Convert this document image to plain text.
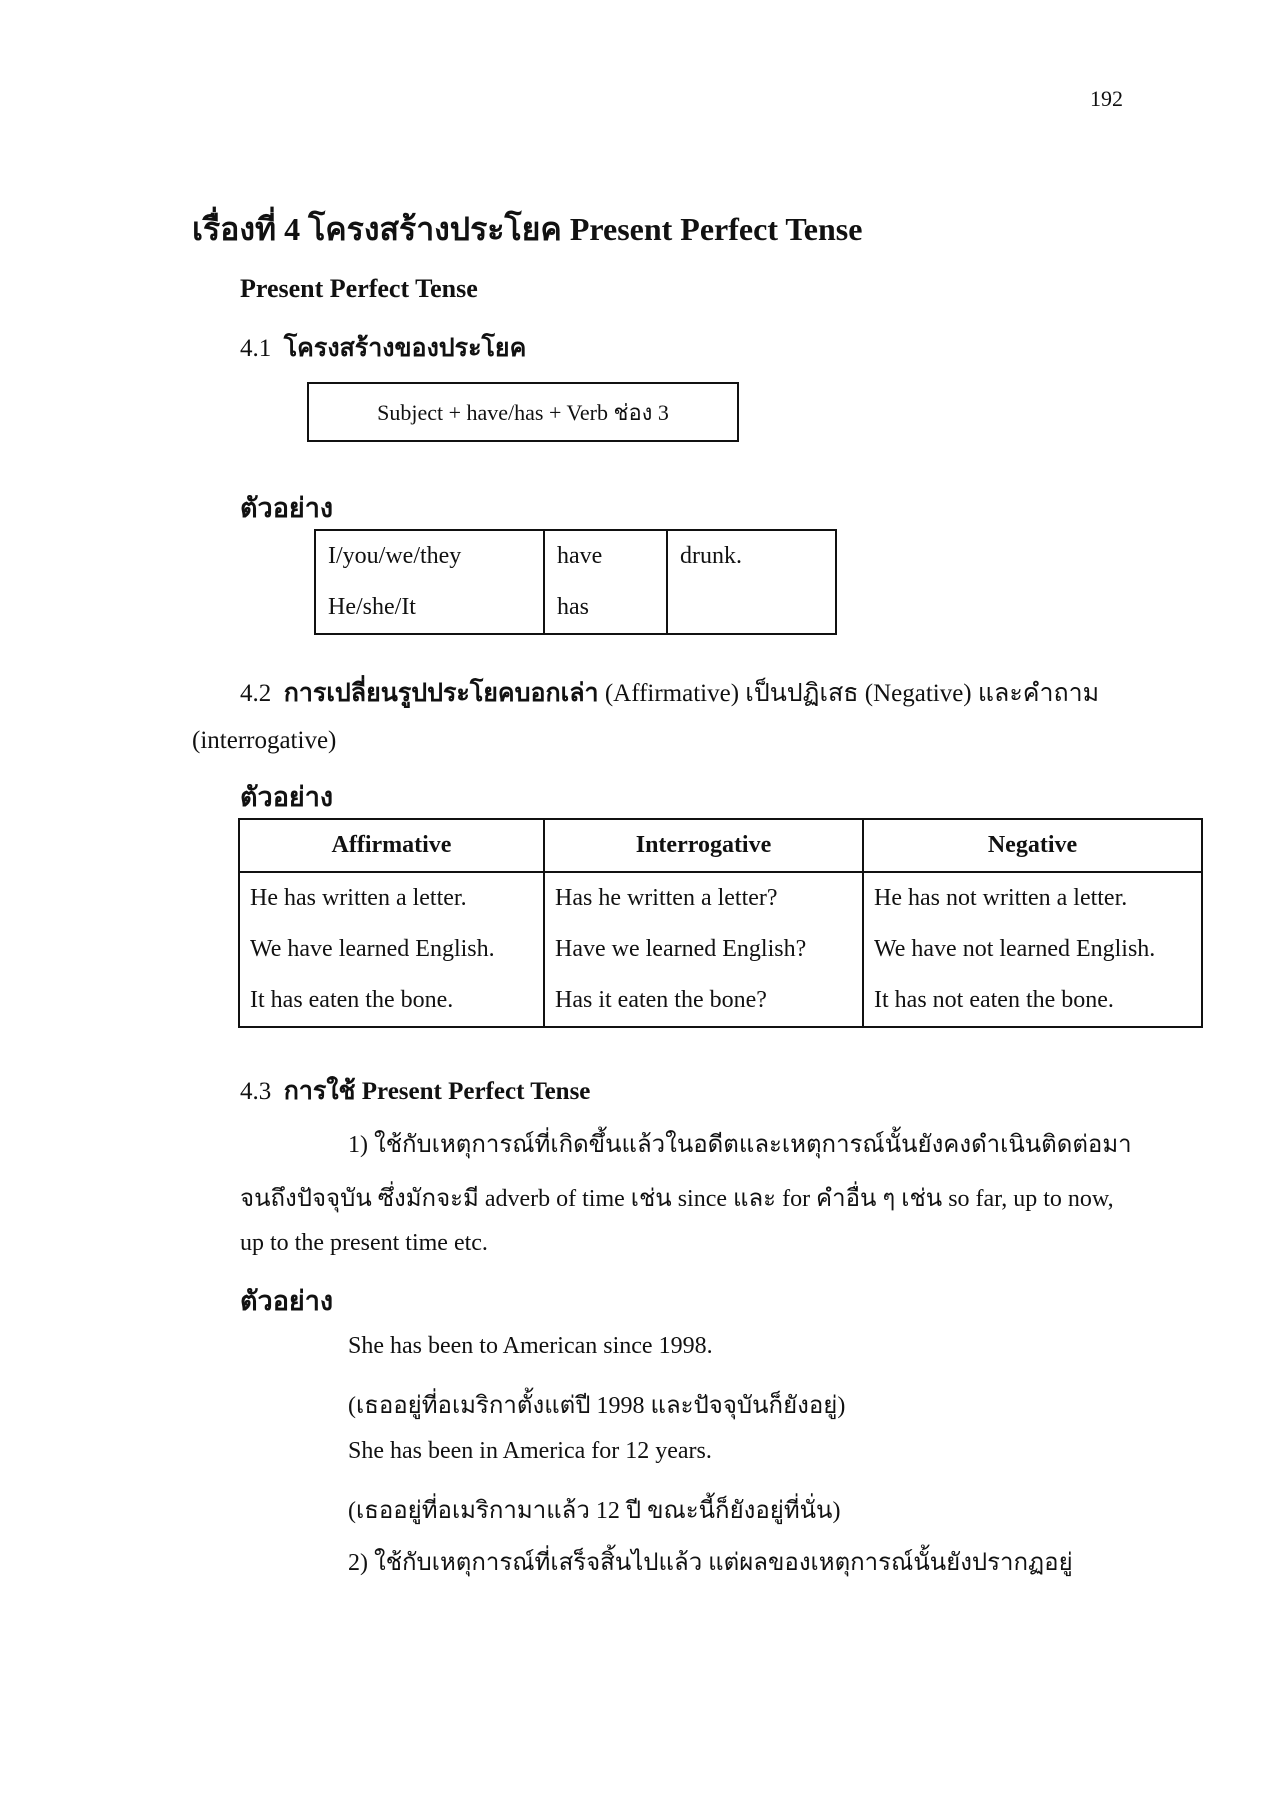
192
เรื่องที่ 4 โครงสร้างประโยค Present Perfect Tense
Present Perfect Tense
4.1 โครงสร้างของประโยค
Subject + have/has + Verb ช่อง 3
ตัวอย่าง
I/you/we/they	have	drunk.
He/she/It	has	
4.2 การเปลี่ยนรูปประโยคบอกเล่า (Affirmative) เป็นปฏิเสธ (Negative) และคำถาม
(interrogative)
ตัวอย่าง
Affirmative	Interrogative	Negative
He has written a letter.	Has he written a letter?	He has not written a letter.
We have learned English.	Have we learned English?	We have not learned English.
It has eaten the bone.	Has it eaten the bone?	It has not eaten the bone.
4.3 การใช้ Present Perfect Tense
1) ใช้กับเหตุการณ์ที่เกิดขึ้นแล้วในอดีตและเหตุการณ์นั้นยังคงดำเนินติดต่อมา
จนถึงปัจจุบัน ซึ่งมักจะมี adverb of time เช่น since และ for คำอื่น ๆ เช่น so far, up to now,
up to the present time etc.
ตัวอย่าง
She has been to American since 1998.
(เธออยู่ที่อเมริกาตั้งแต่ปี 1998 และปัจจุบันก็ยังอยู่)
She has been in America for 12 years.
(เธออยู่ที่อเมริกามาแล้ว 12 ปี ขณะนี้ก็ยังอยู่ที่นั่น)
2) ใช้กับเหตุการณ์ที่เสร็จสิ้นไปแล้ว แต่ผลของเหตุการณ์นั้นยังปรากฏอยู่
